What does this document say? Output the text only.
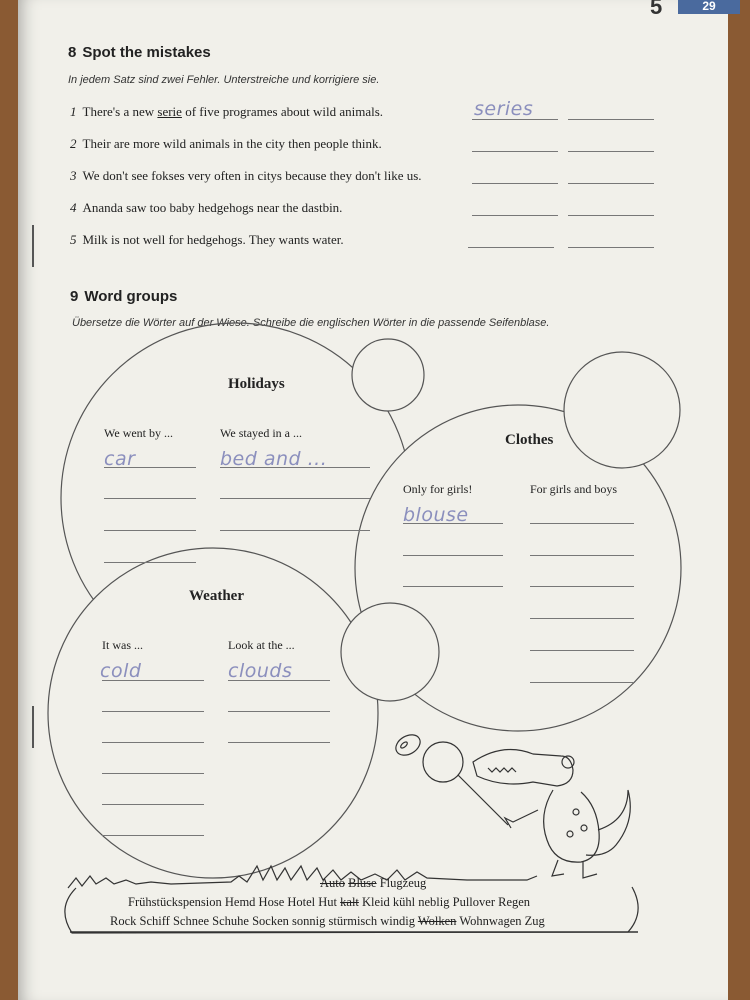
5	29
8 Spot the mistakes
In jedem Satz sind zwei Fehler. Unterstreiche und korrigiere sie.
1 There's a new serie of five programes about wild animals.	series
2 Their are more wild animals in the city then people think.
3 We don't see fokses very often in citys because they don't like us.
4 Ananda saw too baby hedgehogs near the dastbin.
5 Milk is not well for hedgehogs. They wants water.
9 Word groups
Übersetze die Wörter auf der Wiese. Schreibe die englischen Wörter in die passende Seifenblase.
Holidays
We went by ...	We stayed in a ...
car	bed and ...
Clothes
Only for girls!	For girls and boys
blouse
Weather
It was ...	Look at the ...
cold	clouds
Auto Bluse Flugzeug
Frühstückspension Hemd Hose Hotel Hut kalt Kleid kühl neblig Pullover Regen
Rock Schiff Schnee Schuhe Socken sonnig stürmisch windig Wolken Wohnwagen Zug
